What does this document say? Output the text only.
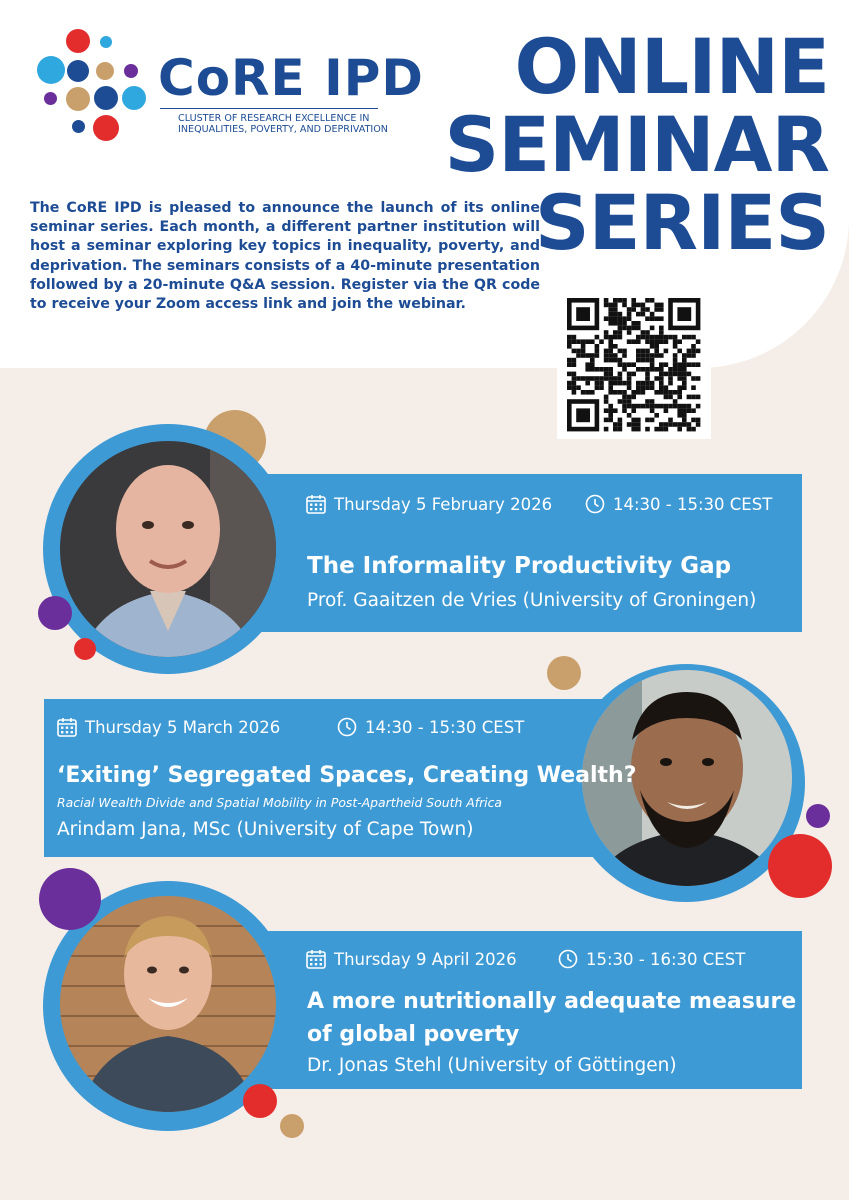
CoRE IPD
CLUSTER OF RESEARCH EXCELLENCE IN INEQUALITIES, POVERTY, AND DEPRIVATION
ONLINE
SEMINAR
SERIES
The CoRE IPD is pleased to announce the launch of its online seminar series. Each month, a different partner institution will host a seminar exploring key topics in inequality, poverty, and deprivation. The seminars consists of a 40-minute presentation followed by a 20-minute Q&A session. Register via the QR code to receive your Zoom access link and join the webinar.
Thursday 5 February 2026	14:30 - 15:30 CEST
The Informality Productivity Gap
Prof. Gaaitzen de Vries (University of Groningen)
Thursday 5 March 2026	14:30 - 15:30 CEST
‘Exiting’ Segregated Spaces, Creating Wealth?
Racial Wealth Divide and Spatial Mobility in Post-Apartheid South Africa
Arindam Jana, MSc (University of Cape Town)
Thursday 9 April 2026	15:30 - 16:30 CEST
A more nutritionally adequate measure
of global poverty
Dr. Jonas Stehl (University of Göttingen)
